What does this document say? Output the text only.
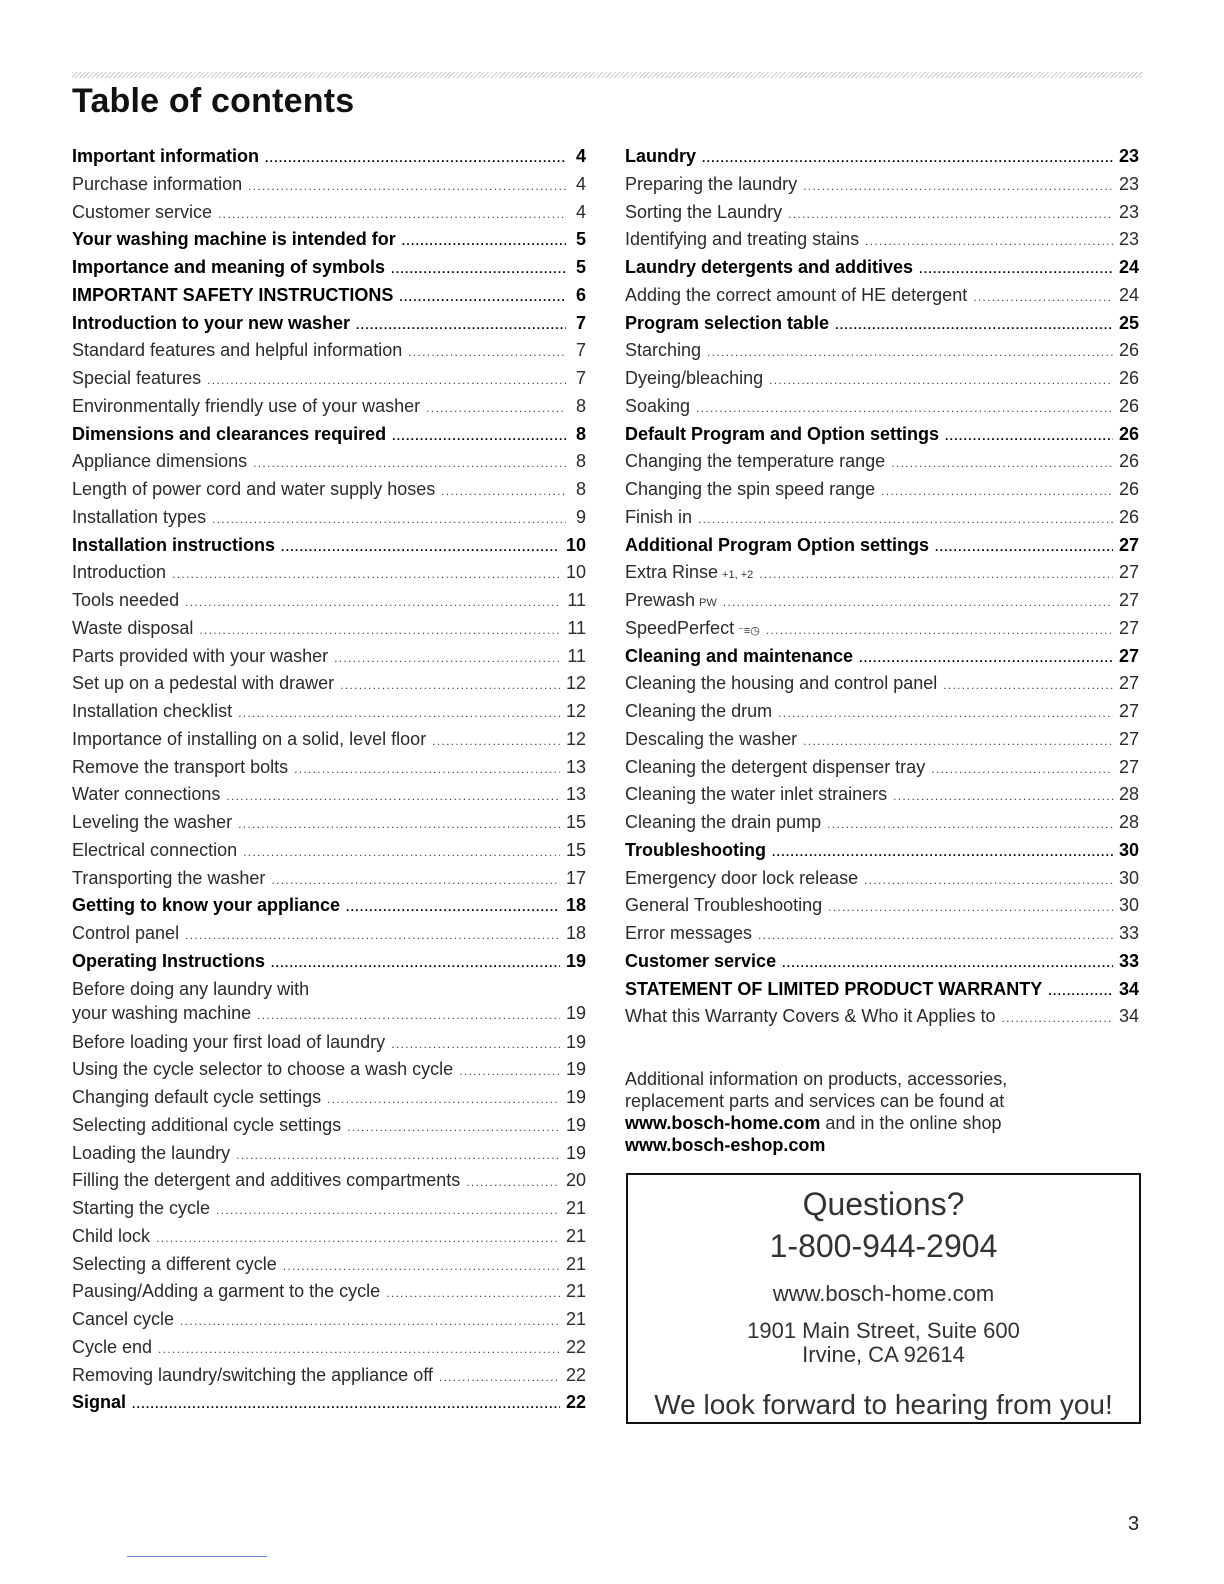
Table of contents
Important information .....	4
Purchase information .....	4
Customer service .....	4
Your washing machine is intended for .....	5
Importance and meaning of symbols .....	5
IMPORTANT SAFETY INSTRUCTIONS .....	6
Introduction to your new washer .....	7
Standard features and helpful information .....	7
Special features .....	7
Environmentally friendly use of your washer .....	8
Dimensions and clearances required .....	8
Appliance dimensions .....	8
Length of power cord and water supply hoses .....	8
Installation types .....	9
Installation instructions .....	10
Introduction .....	10
Tools needed .....	11
Waste disposal .....	11
Parts provided with your washer .....	11
Set up on a pedestal with drawer .....	12
Installation checklist .....	12
Importance of installing on a solid, level floor .....	12
Remove the transport bolts .....	13
Water connections .....	13
Leveling the washer .....	15
Electrical connection .....	15
Transporting the washer .....	17
Getting to know your appliance .....	18
Control panel .....	18
Operating Instructions .....	19
Before doing any laundry with
your washing machine .....	19
Before loading your first load of laundry .....	19
Using the cycle selector to choose a wash cycle .....	19
Changing default cycle settings .....	19
Selecting additional cycle settings .....	19
Loading the laundry .....	19
Filling the detergent and additives compartments .....	20
Starting the cycle .....	21
Child lock .....	21
Selecting a different cycle .....	21
Pausing/Adding a garment to the cycle .....	21
Cancel cycle .....	21
Cycle end .....	22
Removing laundry/switching the appliance off .....	22
Signal .....	22
Laundry .....	23
Preparing the laundry .....	23
Sorting the Laundry .....	23
Identifying and treating stains .....	23
Laundry detergents and additives .....	24
Adding the correct amount of HE detergent .....	24
Program selection table .....	25
Starching .....	26
Dyeing/bleaching .....	26
Soaking .....	26
Default Program and Option settings .....	26
Changing the temperature range .....	26
Changing the spin speed range .....	26
Finish in .....	26
Additional Program Option settings .....	27
Extra Rinse +1, +2 .....	27
Prewash PW .....	27
SpeedPerfect ⁻≡◷ .....	27
Cleaning and maintenance .....	27
Cleaning the housing and control panel .....	27
Cleaning the drum .....	27
Descaling the washer .....	27
Cleaning the detergent dispenser tray .....	27
Cleaning the water inlet strainers .....	28
Cleaning the drain pump .....	28
Troubleshooting .....	30
Emergency door lock release .....	30
General Troubleshooting .....	30
Error messages .....	33
Customer service .....	33
STATEMENT OF LIMITED PRODUCT WARRANTY .....	34
What this Warranty Covers & Who it Applies to .....	34
Additional information on products, accessories,
replacement parts and services can be found at
www.bosch-home.com and in the online shop
www.bosch-eshop.com
Questions?
1-800-944-2904
www.bosch-home.com
1901 Main Street, Suite 600
Irvine, CA 92614
We look forward to hearing from you!
3
